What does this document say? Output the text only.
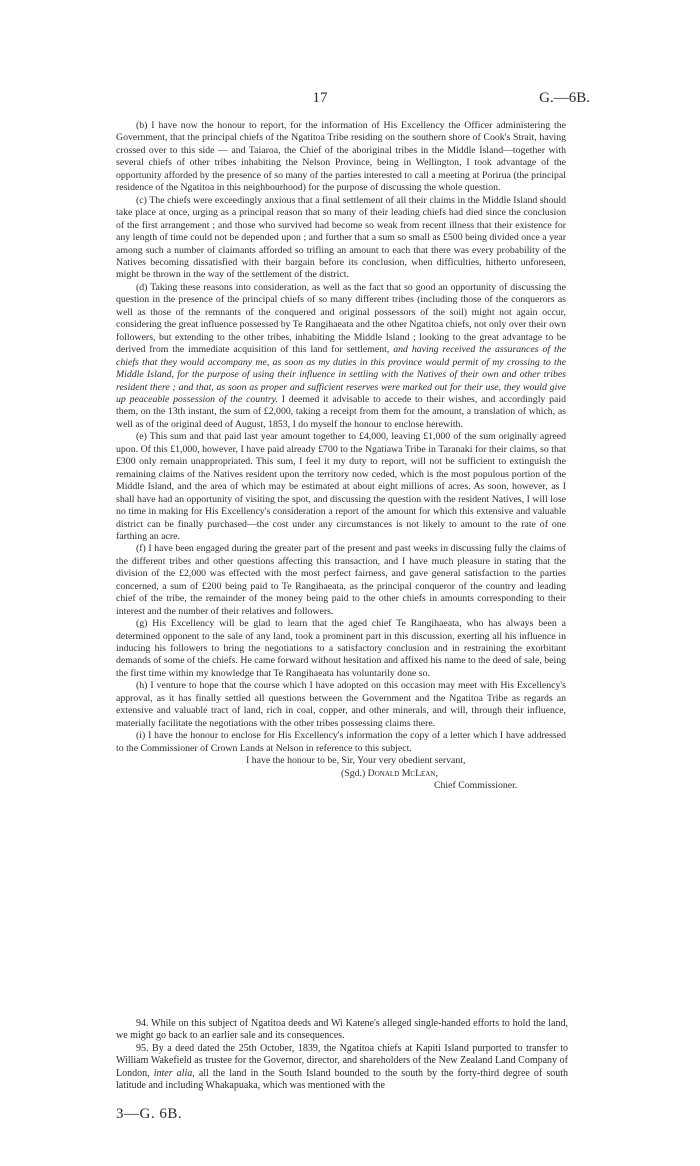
17	G.—6B.

(b) I have now the honour to report, for the information of His Excellency the Officer administering the Government, that the principal chiefs of the Ngatitoa Tribe residing on the southern shore of Cook's Strait, having crossed over to this side — and Taiaroa, the Chief of the aboriginal tribes in the Middle Island—together with several chiefs of other tribes inhabiting the Nelson Province, being in Wellington, I took advantage of the opportunity afforded by the presence of so many of the parties interested to call a meeting at Porirua (the principal residence of the Ngatitoa in this neighbourhood) for the purpose of discussing the whole question.

(c) The chiefs were exceedingly anxious that a final settlement of all their claims in the Middle Island should take place at once, urging as a principal reason that so many of their leading chiefs had died since the conclusion of the first arrangement ; and those who survived had become so weak from recent illness that their existence for any length of time could not be depended upon ; and further that a sum so small as £500 being divided once a year among such a number of claimants afforded so trifling an amount to each that there was every probability of the Natives becoming dissatisfied with their bargain before its conclusion, when difficulties, hitherto unforeseen, might be thrown in the way of the settlement of the district.

(d) Taking these reasons into consideration, as well as the fact that so good an opportunity of discussing the question in the presence of the principal chiefs of so many different tribes (including those of the conquerors as well as those of the remnants of the conquered and original possessors of the soil) might not again occur, considering the great influence possessed by Te Rangihaeata and the other Ngatitoa chiefs, not only over their own followers, but extending to the other tribes, inhabiting the Middle Island ; looking to the great advantage to be derived from the immediate acquisition of this land for settlement, and having received the assurances of the chiefs that they would accompany me, as soon as my duties in this province would permit of my crossing to the Middle Island, for the purpose of using their influence in settling with the Natives of their own and other tribes resident there ; and that, as soon as proper and sufficient reserves were marked out for their use, they would give up peaceable possession of the country. I deemed it advisable to accede to their wishes, and accordingly paid them, on the 13th instant, the sum of £2,000, taking a receipt from them for the amount, a translation of which, as well as of the original deed of August, 1853, I do myself the honour to enclose herewith.

(e) This sum and that paid last year amount together to £4,000, leaving £1,000 of the sum originally agreed upon. Of this £1,000, however, I have paid already £700 to the Ngatiawa Tribe in Taranaki for their claims, so that £300 only remain unappropriated. This sum, I feel it my duty to report, will not be sufficient to extinguish the remaining claims of the Natives resident upon the territory now ceded, which is the most populous portion of the Middle Island, and the area of which may be estimated at about eight millions of acres. As soon, however, as I shall have had an opportunity of visiting the spot, and discussing the question with the resident Natives, I will lose no time in making for His Excellency's consideration a report of the amount for which this extensive and valuable district can be finally purchased—the cost under any circumstances is not likely to amount to the rate of one farthing an acre.

(f) I have been engaged during the greater part of the present and past weeks in discussing fully the claims of the different tribes and other questions affecting this transaction, and I have much pleasure in stating that the division of the £2,000 was effected with the most perfect fairness, and gave general satisfaction to the parties concerned, a sum of £200 being paid to Te Rangihaeata, as the principal conqueror of the country and leading chief of the tribe, the remainder of the money being paid to the other chiefs in amounts corresponding to their interest and the number of their relatives and followers.

(g) His Excellency will be glad to learn that the aged chief Te Rangihaeata, who has always been a determined opponent to the sale of any land, took a prominent part in this discussion, exerting all his influence in inducing his followers to bring the negotiations to a satisfactory conclusion and in restraining the exorbitant demands of some of the chiefs. He came forward without hesitation and affixed his name to the deed of sale, being the first time within my knowledge that Te Rangihaeata has voluntarily done so.

(h) I venture to hope that the course which I have adopted on this occasion may meet with His Excellency's approval, as it has finally settled all questions between the Government and the Ngatitoa Tribe as regards an extensive and valuable tract of land, rich in coal, copper, and other minerals, and will, through their influence, materially facilitate the negotiations with the other tribes possessing claims there.

(i) I have the honour to enclose for His Excellency's information the copy of a letter which I have addressed to the Commissioner of Crown Lands at Nelson in reference to this subject.

I have the honour to be, Sir, Your very obedient servant,
(Sgd.) Donald McLean,
Chief Commissioner.

94. While on this subject of Ngatitoa deeds and Wi Katene's alleged single-handed efforts to hold the land, we might go back to an earlier sale and its consequences.

95. By a deed dated the 25th October, 1839, the Ngatitoa chiefs at Kapiti Island purported to transfer to William Wakefield as trustee for the Governor, director, and shareholders of the New Zealand Land Company of London, inter alia, all the land in the South Island bounded to the south by the forty-third degree of south latitude and including Whakapuaka, which was mentioned with the

3—G. 6B.
